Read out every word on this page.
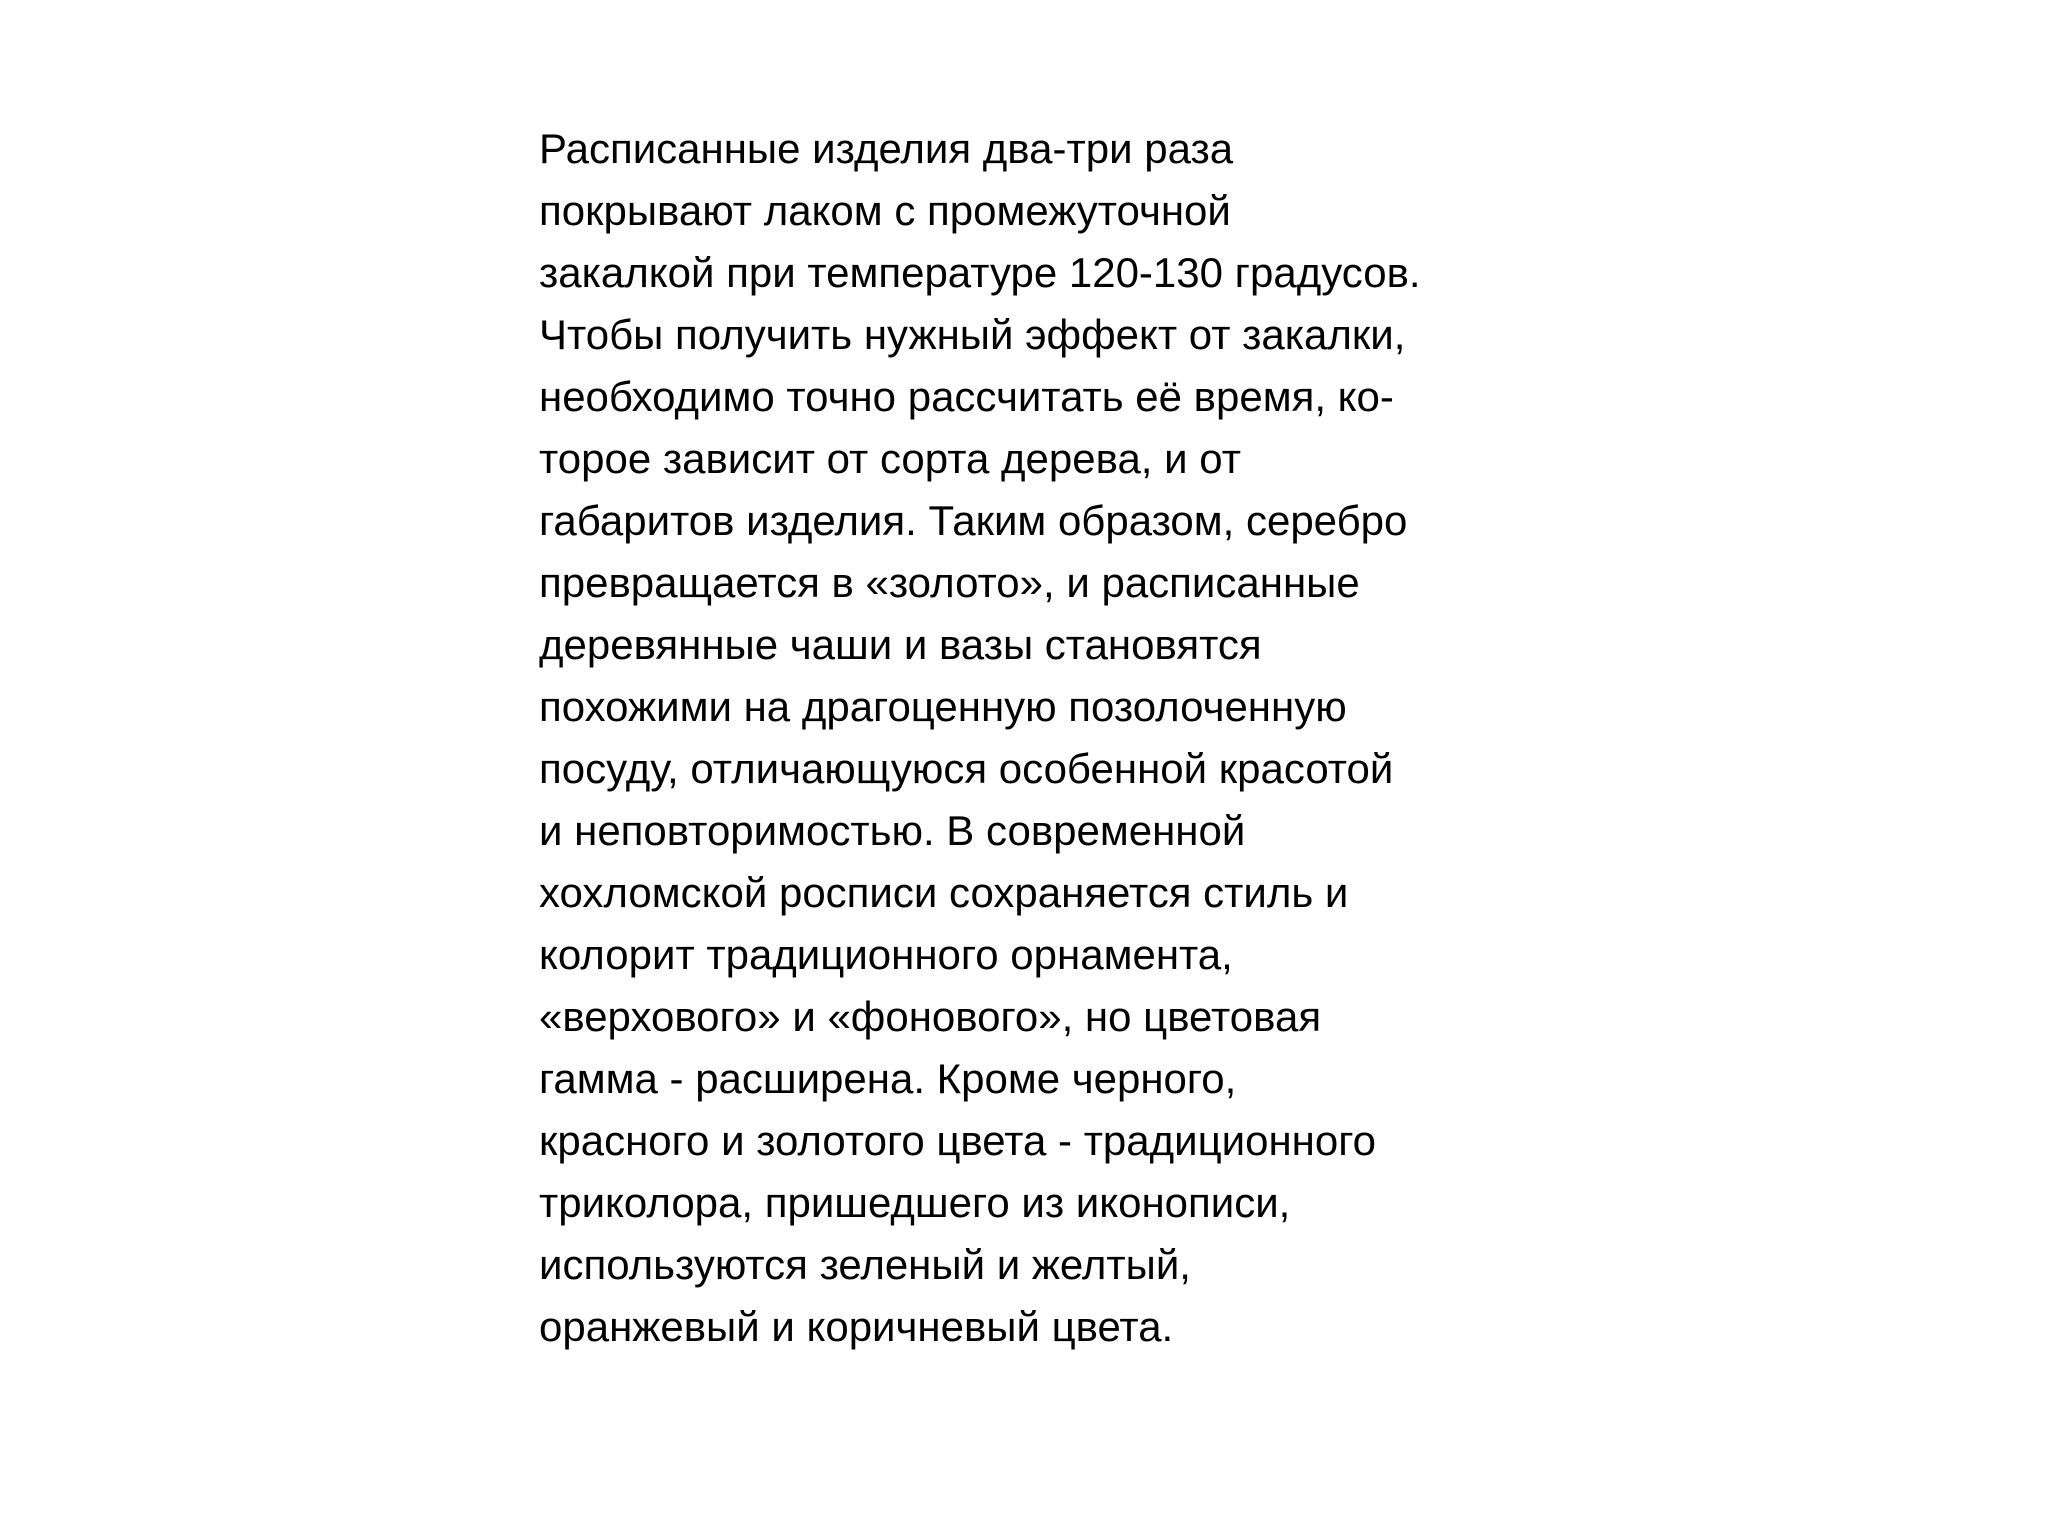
Расписанные изделия два-три раза
покрывают лаком с промежуточной
закалкой при температуре 120-130 градусов.
Чтобы получить нужный эффект от закалки,
необходимо точно рассчитать её время, ко-
торое зависит от сорта дерева, и от
габаритов изделия. Таким образом, серебро
превращается в «золото», и расписанные
деревянные чаши и вазы становятся
похожими на драгоценную позолоченную
посуду, отличающуюся особенной красотой
и неповторимостью. В современной
хохломской росписи сохраняется стиль и
колорит традиционного орнамента,
«верхового» и «фонового», но цветовая
гамма - расширена. Кроме черного,
красного и золотого цвета - традиционного
триколора, пришедшего из иконописи,
используются зеленый и желтый,
оранжевый и коричневый цвета.
